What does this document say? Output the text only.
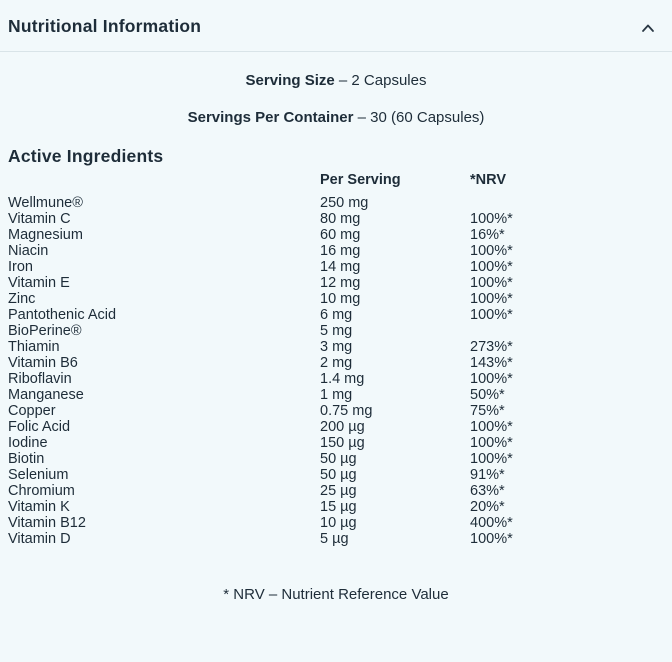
Nutritional Information
Serving Size – 2 Capsules
Servings Per Container – 30 (60 Capsules)
Active Ingredients
Per Serving	*NRV
Wellmune®	250 mg
Vitamin C	80 mg	100%*
Magnesium	60 mg	16%*
Niacin	16 mg	100%*
Iron	14 mg	100%*
Vitamin E	12 mg	100%*
Zinc	10 mg	100%*
Pantothenic Acid	6 mg	100%*
BioPerine®	5 mg
Thiamin	3 mg	273%*
Vitamin B6	2 mg	143%*
Riboflavin	1.4 mg	100%*
Manganese	1 mg	50%*
Copper	0.75 mg	75%*
Folic Acid	200 µg	100%*
Iodine	150 µg	100%*
Biotin	50 µg	100%*
Selenium	50 µg	91%*
Chromium	25 µg	63%*
Vitamin K	15 µg	20%*
Vitamin B12	10 µg	400%*
Vitamin D	5 µg	100%*
* NRV – Nutrient Reference Value
